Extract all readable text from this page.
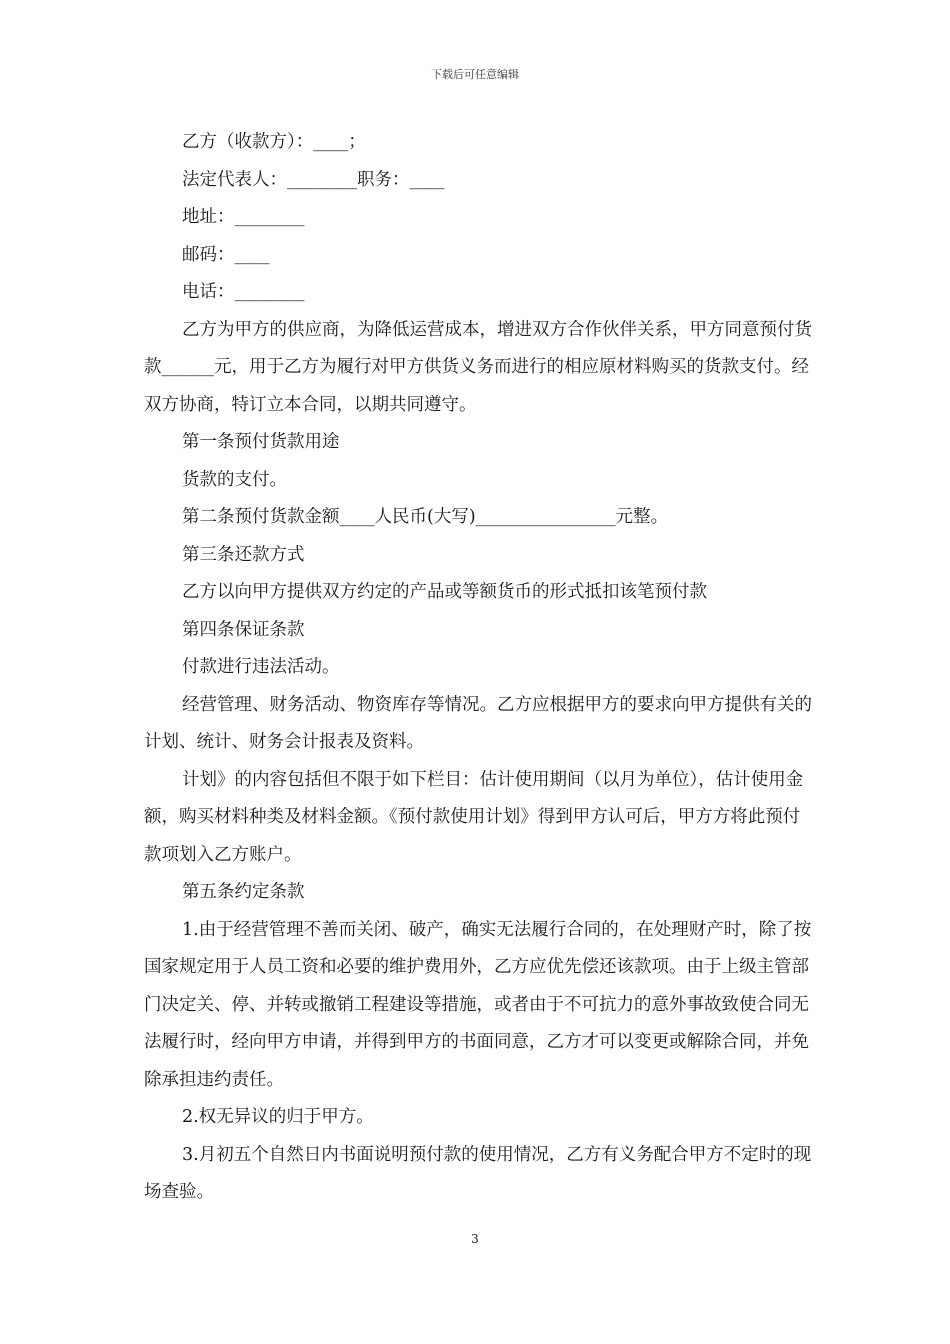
下载后可任意编辑

乙方（收款方）：____；

法定代表人：________职务：____

地址：________

邮码：____

电话：________

乙方为甲方的供应商，为降低运营成本，增进双方合作伙伴关系，甲方同意预付货款______元，用于乙方为履行对甲方供货义务而进行的相应原材料购买的货款支付。经双方协商，特订立本合同，以期共同遵守。

第一条预付货款用途

货款的支付。

第二条预付货款金额____人民币(大写)________________元整。

第三条还款方式

乙方以向甲方提供双方约定的产品或等额货币的形式抵扣该笔预付款

第四条保证条款

付款进行违法活动。

经营管理、财务活动、物资库存等情况。乙方应根据甲方的要求向甲方提供有关的计划、统计、财务会计报表及资料。

计划》的内容包括但不限于如下栏目：估计使用期间（以月为单位），估计使用金额，购买材料种类及材料金额。《预付款使用计划》得到甲方认可后，甲方方将此预付款项划入乙方账户。

第五条约定条款

1.由于经营管理不善而关闭、破产，确实无法履行合同的，在处理财产时，除了按国家规定用于人员工资和必要的维护费用外，乙方应优先偿还该款项。由于上级主管部门决定关、停、并转或撤销工程建设等措施，或者由于不可抗力的意外事故致使合同无法履行时，经向甲方申请，并得到甲方的书面同意，乙方才可以变更或解除合同，并免除承担违约责任。

2.权无异议的归于甲方。

3.月初五个自然日内书面说明预付款的使用情况，乙方有义务配合甲方不定时的现场查验。

3
